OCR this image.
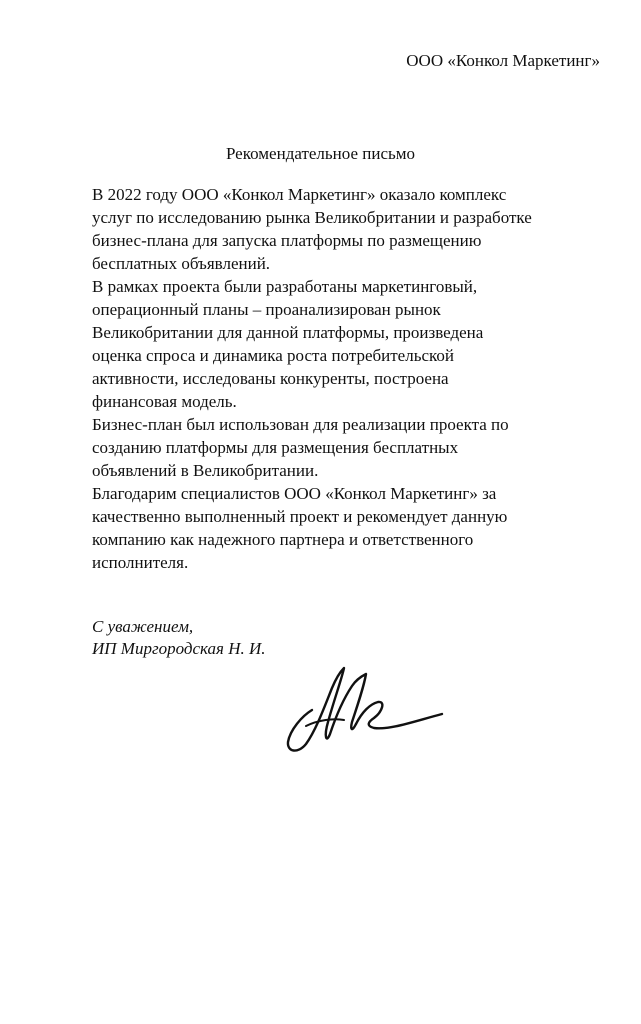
ООО «Конкол Маркетинг»
Рекомендательное письмо
В 2022 году ООО «Конкол Маркетинг» оказало комплекс
услуг по исследованию рынка Великобритании и разработке
бизнес-плана для запуска платформы по размещению
бесплатных объявлений.
В рамках проекта были разработаны маркетинговый,
операционный планы – проанализирован рынок
Великобритании для данной платформы, произведена
оценка спроса и динамика роста потребительской
активности, исследованы конкуренты, построена
финансовая модель.
Бизнес-план был использован для реализации проекта по
созданию платформы для размещения бесплатных
объявлений в Великобритании.
Благодарим специалистов ООО «Конкол Маркетинг» за
качественно выполненный проект и рекомендует данную
компанию как надежного партнера и ответственного
исполнителя.
С уважением,
ИП Миргородская Н. И.
